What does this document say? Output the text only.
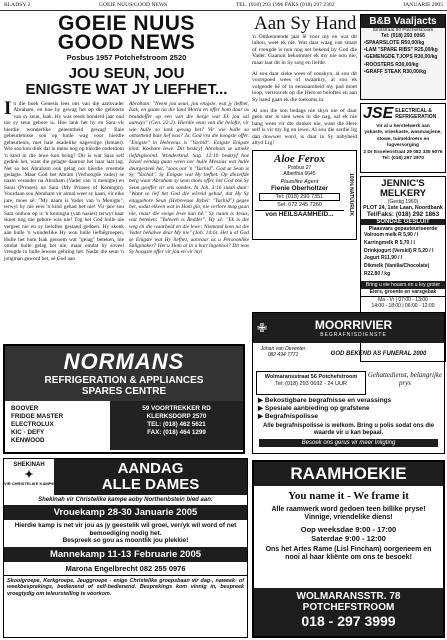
BLADSY 2	GOEIE NUUS/GOOD NEWS	TEL. (018) 293 1996 FAKS (018) 297 2302	JANUARIE 2005
GOEIE NUUS
GOOD NEWS
Posbus 1957 Potchefstroom 2520
JOU SEUN, JOU
ENIGSTE WAT JY LIEFHET...

In die boek Genesis lees ons van die aartsvader Abraham, en hoe hy gewag het op die geboorte van sy seun, Isak. Hy was reeds honderd jaar oud toe sy seun gebore is. Hoe lank het hy en Sara vir hierdie wonderlike geleentheid gewag! Baie gebeurtenisse sou op hulle wag voor hierdie gebeurtenis, met baie skadelike nagevolge (Ismael). Wie sou kon dink dat in mens nog op hierdie ouderdom 'n kind in die lewe kon bring? Dit is wat Sara self gedink het, want die gelagte daaroor het haar laat lag. Net so het Abraham ook gelag oor hierdie vreemde gedagte. Maar God het Abram (Verhoogde vader) se naam verander na Abraham (Vader van 'n menigte) en Sarai (Prinses) na Sara (My Prinses of Koningin). Voordaan sou Abraham vir almal weer sy kaan, vir elke jare, moes sê: "My naam is Vader van 'n Menigte", terwyl hy nie eers 'n kind gehad het nie! Vir jare sou Sara onthou op is 'n koningin (van nasies) terwyl haar skoot nog nie gebore was nie! Tog het God hulle nie vergeet nie en sy beloftes gestand gedoen. Hy skenk aan hulle 'n wonderlike Hy wou hulle liefhêgroepen, Hulle het hom Isak genoem wat "gelag" beteken, nie omdat hulle gelag het nie, maar omdat hy soveel vreugde in hulle lewens gebring het. Nadat die seun 'n jongman geword het, sê God aan

Abraham: "Neem jou seun, jou enigste, wat jy liefhet, Isak, en gaam na die land Moria en offer hom daar as brandoffer op een van die berge wat Ek jou sal aanwys" (Gen. 22:2). Hierdie seun van die belofte, vir wie hulle so lank gewag het? Vir wie hulle so ontsettend baie lief was? Ja, God vra die hoogste offer. "Enigste" in Hebreeus is "Yachid". Enigste Enigste kind. Kosbare lewe. Dit beskryf Abraham se unieke liefdegisoind. Wonderkind. Sag. 12:10 beskryf hoe Israel eendag gaan ween oor hulle Messias wat hulle deurgesteek het, "soos oor 'n "Yachid". God se Seun is Sy "Yachid". Sy Enigste wat Hy liefhet. Op dieselfde berg waar Abraham sy seun moes offer, het God ook Sy Seun geoffer vir ons sondes. In Joh. 3:16 staan daar: "Want so lief het God die wêreld gehad, dat Hy Sy eniggebore Seun (Hebreeuse Bybel: "Yachid") gegee het, sodat elkeen wat in Hom glo, nie verlore mag gaan nie, maar die ewige lewe kan hê." Sy naam is Jesus, wat beteken: "Yahweh is Redder". Hy sê: "Ek is die weg en die waarheid en die lewe; Niemand kom na die Vader behalwe deur My nie" (Joh. 14:6). Het u al God se Enigste wat Hy liefhet, aanvaar as u Persoonlike Saligmaker? Het u Hom al in u hart ingenooi? Dit was Sy hoogste offer vir jou en vir my!

NORMANS
REFRIGERATION & APPLIANCES
SPARES CENTRE
BOOVER
FRIDGE MASTER
ELECTROLUX
KIC · DEFY
KENWOOD
59 VOORTREKKER RD
KLERKSDORP 2570
TEL: (018) 462 5621
FAX: (018) 464 1299
SHEKINAH
✦
VIR CHRISTELIKE KAMPE
AANDAG
ALLE DAMES
Shekinah vir Christelike kampe aoby Northenbstein bied aan:
Vrouekamp 28-30 Januarie 2005
Hierdie kamp is net vir jou as jy geestelik wil groei, verryk wil word of net bemoediging nodig het.
Bespreek so gou as moontlik jou plekkie!
Mannekamp 11-13 Februarie 2005
Marona Engelbrecht 082 255 0976
Skoolgroepe, Kerkgroepe, Jeuggroepe - enige Christelike groepsbaan vir dag-, naweek- of weekbesprekings, bedienend of self-bedienend. Besprekings kom vinnig in, bespreek vroegtydig om teleurstelling te voorkom.
Aan Sy Hand

'n Ontkennende jaar lê voor my en wat dit inhou, weet ek nie. Wat daar waag van smart of vreugde is nou nog net bekend by God die Vader. Gaanuit bekommer ek my nie nou nie, maar laat dit in Sy sorg en liefde.

Al sou daar sieke wees of sonskyn, al sou dit voorspoed wees of swaarkry, al sou ek volgende hê of in eensaamheid my pad moet loop, vertrou ek op die Here se beloftes en aan Sy hand gaan ek die toekoms in.

Al sou die son bedags nie skyn nie of daar geen ster is sien wees in die nag, sal ek nie bang wees vir die donker nie, want die Here self is vir my lig en lewe. Al sou die sardie lig dan dowwer word, is daar in Sy nabyheid altyd Lig!

Aloe Ferox
Posbus 27
Alberthia 6645
Plaaslike Agent
Fienie Oberholtzer
Tel: (018) 290 7351
Sel: 072 245 7260
von HEILSAAMHEID...	100% NATUURLIK
B&B Vaaljacts
Smitstraat 90 Potchefstroom
Tel: (018) 293 0066
•SPAARSLOTE R50,00/kg
•LAM "SPARE RIBS" R25,00/kg
•GEMENGDE TJOPS R30,00/kg
•ROOSTERS R30,00/kg
•GRAFF STEAK R30,00/kg
JSE ELECTRICAL & REFRIGERATION
Vir al u herstelwerk aan
yskaste, vrieskaste, wasmasjiene,
stowe, tuimeldroërs en
lugversorging
2 Dr Esselenstraat 29 082 335 9076
Tel: (018) 297 2970
JENNIC'S MELKERY
(Gestig 1960)
PLOT 24, 1ste Laan, Noordbank
Tel/Faks: (018) 292 1863
SONDAE GESLUIT
Plaasvars gepasteuriseerde
Volroom melk R 5,90 / l
Karringmelk R 5,70 / l
Drinkjogurt (Verskil) R 5,20 / l
Jogurt R11,90 / l
Dikmelk (Vanilla/Chocolate) R22,80 / kg
Bring u eie houers en u kry groter
Eiers, groente en varsgebak
Ma - Vr | 07:00 - 13:00
14:00 - 18:00 | 06:00 - 12:00
✙	MOORRIVIER
BEGRAFNISDIENSTE
Johan van Deventer
082 494 7771	GOD BEKEND AS FUNERAL 2000
Wolmaransstraat 56 Potchefstroom
Tel: (018) 293 0692 - 24 UUR
Gehattedienst, belangrijke prys
▶ Bekostigbare begrafnisse en verassings
▶ Spesiale aanbieding op grafstene
▶ Begrafnispolisse
Alle begrafnispolisse is welkom. Bring u polis sodat ons die waarde vir u kan bepaal.
Besoek ons gerus vir meer Inligting
RAAMHOEKIE
You name it - We frame it
Alle raamwerk word gedoen teen billike pryse! Vinnige, vriendelike diens!
Oop weeksdae 9:00 - 17:00
Saterdae 9:00 - 12:00
Ons het Artes Rame (Lisl Fincham) oorgeneem en nooi al haar kliënte om ons te besoek!
WOLMARANSSTR. 78
POTCHEFSTROOM
018 - 297 3999
